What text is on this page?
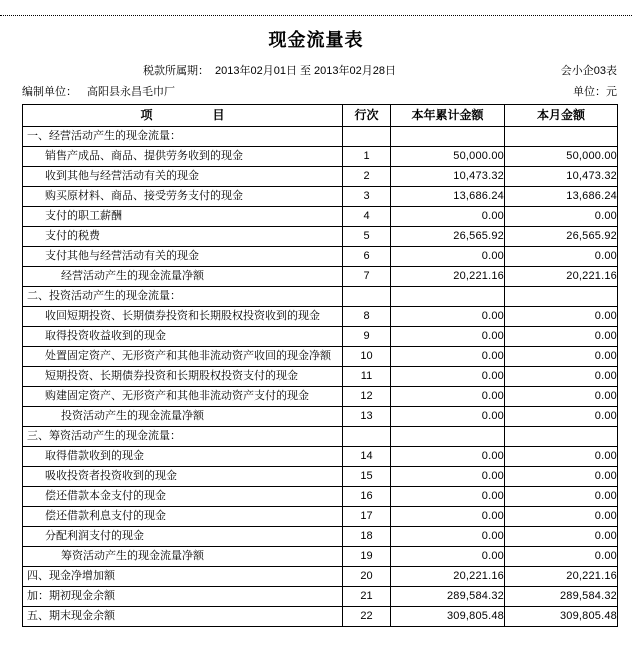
现金流量表
税款所属期： 2013年02月01日 至 2013年02月28日	会小企03表
编制单位： 高阳县永昌毛巾厂	单位：元
项 目	行次	本年累计金额	本月金额
一、经营活动产生的现金流量：			
销售产成品、商品、提供劳务收到的现金	1	50,000.00	50,000.00
收到其他与经营活动有关的现金	2	10,473.32	10,473.32
购买原材料、商品、接受劳务支付的现金	3	13,686.24	13,686.24
支付的职工薪酬	4	0.00	0.00
支付的税费	5	26,565.92	26,565.92
支付其他与经营活动有关的现金	6	0.00	0.00
经营活动产生的现金流量净额	7	20,221.16	20,221.16
二、投资活动产生的现金流量：			
收回短期投资、长期债券投资和长期股权投资收到的现金	8	0.00	0.00
取得投资收益收到的现金	9	0.00	0.00
处置固定资产、无形资产和其他非流动资产收回的现金净额	10	0.00	0.00
短期投资、长期债券投资和长期股权投资支付的现金	11	0.00	0.00
购建固定资产、无形资产和其他非流动资产支付的现金	12	0.00	0.00
投资活动产生的现金流量净额	13	0.00	0.00
三、筹资活动产生的现金流量：			
取得借款收到的现金	14	0.00	0.00
吸收投资者投资收到的现金	15	0.00	0.00
偿还借款本金支付的现金	16	0.00	0.00
偿还借款利息支付的现金	17	0.00	0.00
分配利润支付的现金	18	0.00	0.00
筹资活动产生的现金流量净额	19	0.00	0.00
四、现金净增加额	20	20,221.16	20,221.16
加：期初现金余额	21	289,584.32	289,584.32
五、期末现金余额	22	309,805.48	309,805.48
